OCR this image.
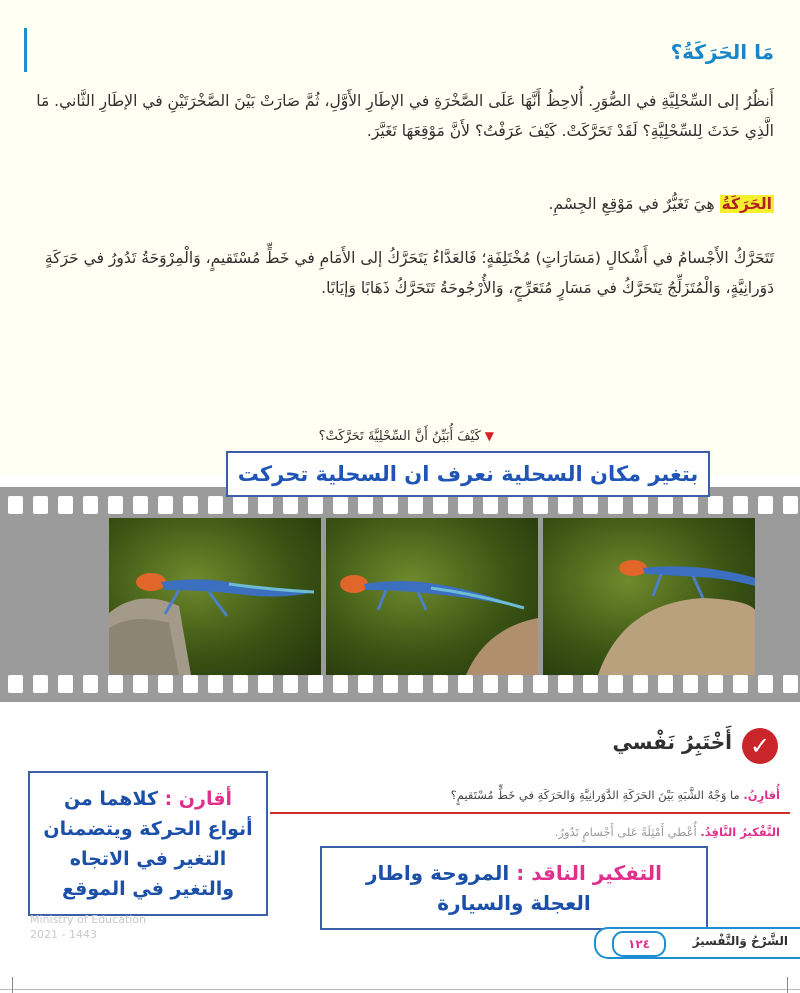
مَا الحَرَكَةُ؟
أَنظُرُ إلى السِّحْلِيَّةِ في الصُّوَرِ. أُلاحِظُ أَنَّهَا عَلَى الصَّخْرَةِ في الإطَارِ الأَوَّلِ، ثُمَّ صَارَتْ بَيْنَ الصَّخْرَتَيْنِ في الإطَارِ الثَّاني. مَا الَّذِي حَدَثَ لِلسِّحْلِيَّةِ؟ لَقَدْ تَحَرَّكَتْ. كَيْفَ عَرَفْتُ؟ لأَنَّ مَوْقِعَهَا تَغَيَّرَ.
الحَرَكَةُ هِيَ تَغَيُّرٌ في مَوْقِعِ الجِسْمِ.
تَتَحَرَّكُ الأَجْسامُ في أَشْكالٍ (مَسَارَاتٍ) مُخْتَلِفَةٍ؛ فَالعَدَّاءُ يَتَحَرَّكُ إلى الأَمَامِ في خَطٍّ مُسْتَقيمٍ، وَالْمِرْوَحَةُ تَدُورُ في حَرَكَةٍ دَوَرانِيَّةٍ، وَالْمُتَزَلِّجُ يَتَحَرَّكُ في مَسَارٍ مُتَعَرِّجٍ، وَالأُرْجُوحَةُ تَتَحَرَّكُ ذَهَابًا وَإيَابًا.
▼كَيْفَ أُبَيِّنُ أَنَّ السِّحْلِيَّةَ تَحَرَّكَتْ؟
بتغير مكان السحلية نعرف ان السحلية تحركت
✓
أَخْتَبِرُ نَفْسي
أُقارِنُ. ما وَجْهُ الشَّبَهِ بَيْنَ الحَرَكَةِ الدَّوَرانِيَّةِ وَالحَرَكَةِ في خَطٍّ مُسْتَقيمٍ؟
التَّفْكيرُ النَّاقِدُ. أُعْطي أَمْثِلَةً عَلى أَجْسامٍ تَدُورُ.
أقارن : كلاهما من أنواع الحركة ويتضمنان التغير في الاتجاه والتغير في الموقع
التفكير الناقد : المروحة واطار العجلة والسيارة
Ministry of Education
2021 - 1443
١٢٤	الشَّرْحُ وَالتَّفْسيرُ
